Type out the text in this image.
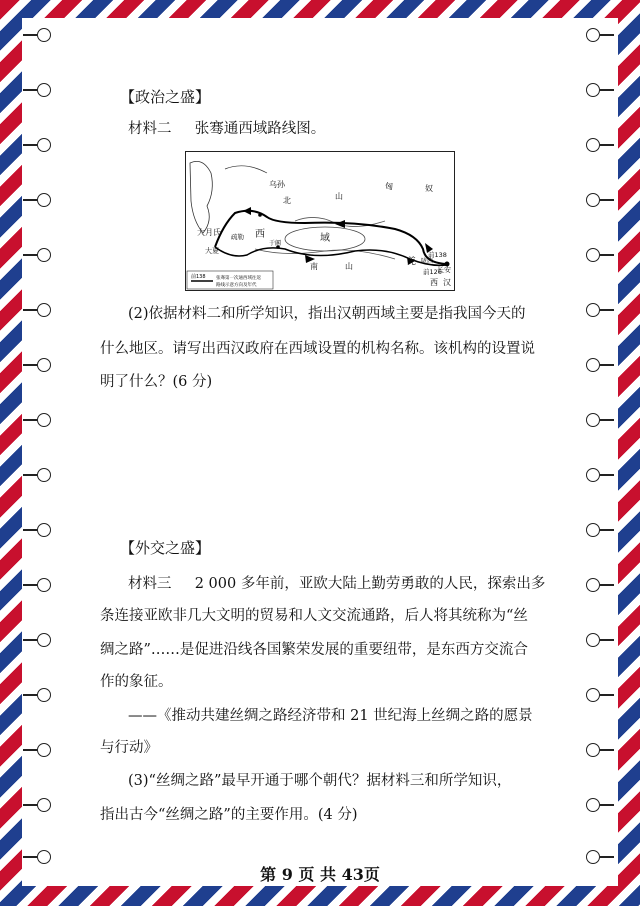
【政治之盛】
材料二 张骞通西域路线图。
乌孙
北	山
匈	奴
大月氏
大夏
疏勒 西	域
于阗
南	山	羌 陇西
前138
前126
长安
西 汉
前138 张骞第一次通西域往返
路线示意方向及年代
(2)依据材料二和所学知识，指出汉朝西域主要是指我国今天的
什么地区。请写出西汉政府在西域设置的机构名称。该机构的设置说
明了什么？(6 分)
【外交之盛】
材料三 2 000 多年前，亚欧大陆上勤劳勇敢的人民，探索出多
条连接亚欧非几大文明的贸易和人文交流通路，后人将其统称为“丝
绸之路”……是促进沿线各国繁荣发展的重要纽带，是东西方交流合
作的象征。
——《推动共建丝绸之路经济带和 21 世纪海上丝绸之路的愿景
与行动》
(3)“丝绸之路”最早开通于哪个朝代？据材料三和所学知识，
指出古今“丝绸之路”的主要作用。(4 分)
第 9 页 共 43页
